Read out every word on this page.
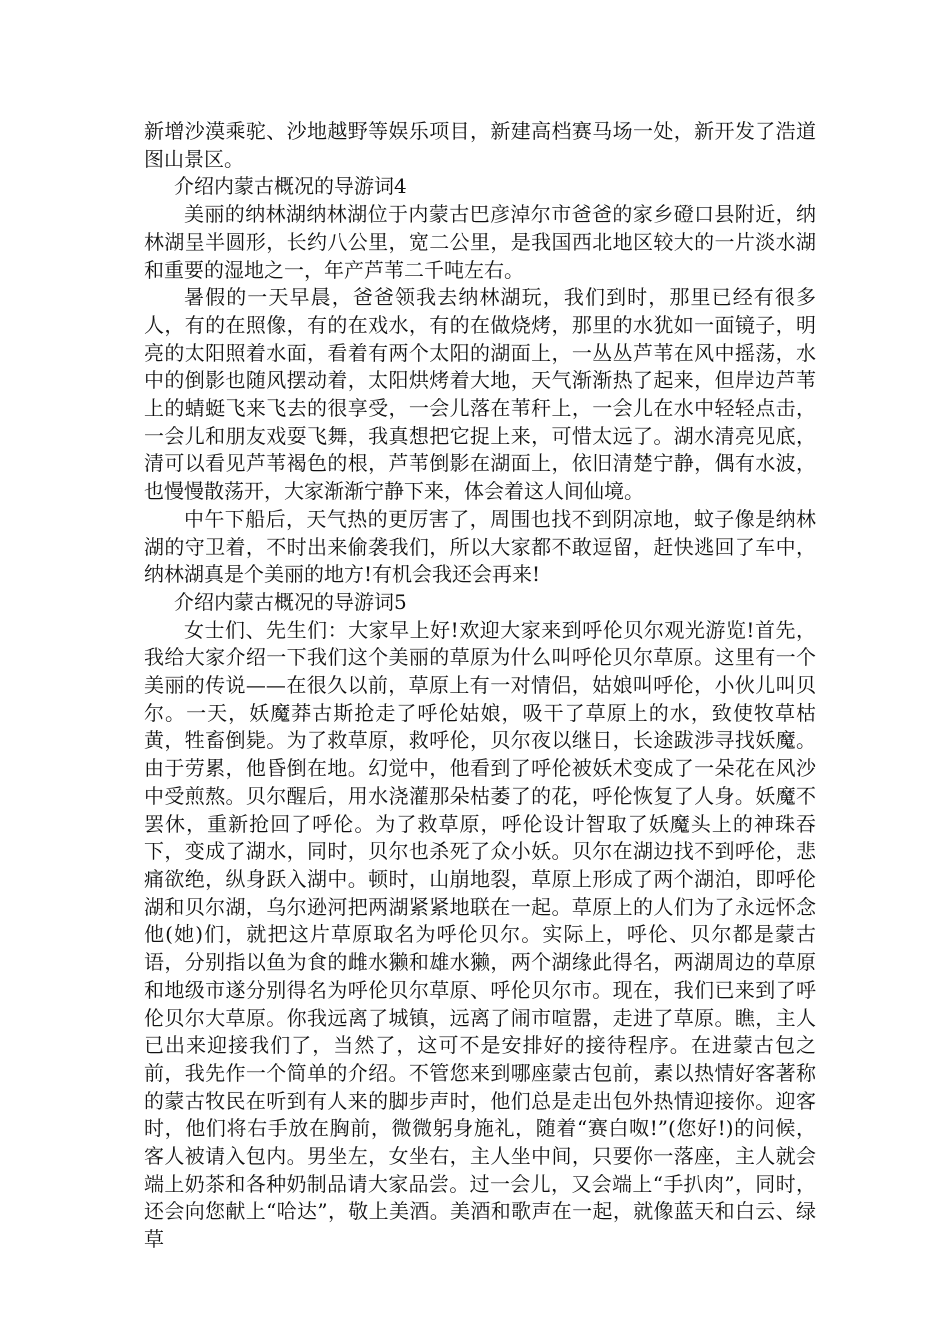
新增沙漠乘驼、沙地越野等娱乐项目，新建高档赛马场一处，新开发了浩道图山景区。

介绍内蒙古概况的导游词4

美丽的纳林湖纳林湖位于内蒙古巴彦淖尔市爸爸的家乡磴口县附近，纳林湖呈半圆形，长约八公里，宽二公里，是我国西北地区较大的一片淡水湖和重要的湿地之一，年产芦苇二千吨左右。

暑假的一天早晨，爸爸领我去纳林湖玩，我们到时，那里已经有很多人，有的在照像，有的在戏水，有的在做烧烤，那里的水犹如一面镜子，明亮的太阳照着水面，看着有两个太阳的湖面上，一丛丛芦苇在风中摇荡，水中的倒影也随风摆动着，太阳烘烤着大地，天气渐渐热了起来，但岸边芦苇上的蜻蜓飞来飞去的很享受，一会儿落在苇秆上，一会儿在水中轻轻点击，一会儿和朋友戏耍飞舞，我真想把它捉上来，可惜太远了。湖水清亮见底，清可以看见芦苇褐色的根，芦苇倒影在湖面上，依旧清楚宁静，偶有水波，也慢慢散荡开，大家渐渐宁静下来，体会着这人间仙境。

中午下船后，天气热的更厉害了，周围也找不到阴凉地，蚊子像是纳林湖的守卫着，不时出来偷袭我们，所以大家都不敢逗留，赶快逃回了车中，纳林湖真是个美丽的地方!有机会我还会再来!

介绍内蒙古概况的导游词5

女士们、先生们：大家早上好!欢迎大家来到呼伦贝尔观光游览!首先，我给大家介绍一下我们这个美丽的草原为什么叫呼伦贝尔草原。这里有一个美丽的传说——在很久以前，草原上有一对情侣，姑娘叫呼伦，小伙儿叫贝尔。一天，妖魔莽古斯抢走了呼伦姑娘，吸干了草原上的水，致使牧草枯黄，牲畜倒毙。为了救草原，救呼伦，贝尔夜以继日，长途跋涉寻找妖魔。由于劳累，他昏倒在地。幻觉中，他看到了呼伦被妖术变成了一朵花在风沙中受煎熬。贝尔醒后，用水浇灌那朵枯萎了的花，呼伦恢复了人身。妖魔不罢休，重新抢回了呼伦。为了救草原，呼伦设计智取了妖魔头上的神珠吞下，变成了湖水，同时，贝尔也杀死了众小妖。贝尔在湖边找不到呼伦，悲痛欲绝，纵身跃入湖中。顿时，山崩地裂，草原上形成了两个湖泊，即呼伦湖和贝尔湖，乌尔逊河把两湖紧紧地联在一起。草原上的人们为了永远怀念他(她)们，就把这片草原取名为呼伦贝尔。实际上，呼伦、贝尔都是蒙古语，分别指以鱼为食的雌水獭和雄水獭，两个湖缘此得名，两湖周边的草原和地级市遂分别得名为呼伦贝尔草原、呼伦贝尔市。现在，我们已来到了呼伦贝尔大草原。你我远离了城镇，远离了闹市喧嚣，走进了草原。瞧，主人已出来迎接我们了，当然了，这可不是安排好的接待程序。在进蒙古包之前，我先作一个简单的介绍。不管您来到哪座蒙古包前，素以热情好客著称的蒙古牧民在听到有人来的脚步声时，他们总是走出包外热情迎接你。迎客时，他们将右手放在胸前，微微躬身施礼，随着“赛白呶!”(您好!)的问候，客人被请入包内。男坐左，女坐右，主人坐中间，只要你一落座，主人就会端上奶茶和各种奶制品请大家品尝。过一会儿，又会端上“手扒肉”，同时，还会向您献上“哈达”，敬上美酒。美酒和歌声在一起，就像蓝天和白云、绿草
